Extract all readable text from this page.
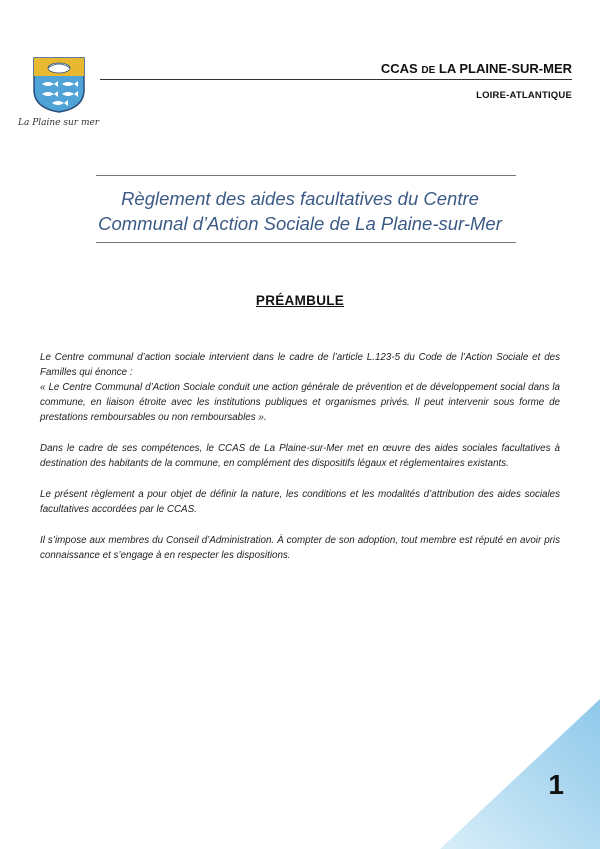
La Plaine sur mer
CCAS DE LA PLAINE-SUR-MER
LOIRE-ATLANTIQUE
Règlement des aides facultatives du Centre
Communal d’Action Sociale de La Plaine-sur-Mer
PRÉAMBULE

Le Centre communal d’action sociale intervient dans le cadre de l’article L.123-5 du Code de l’Action Sociale et des Familles qui énonce :

« Le Centre Communal d’Action Sociale conduit une action générale de prévention et de développement social dans la commune, en liaison étroite avec les institutions publiques et organismes privés. Il peut intervenir sous forme de prestations remboursables ou non remboursables ».

Dans le cadre de ses compétences, le CCAS de La Plaine-sur-Mer met en œuvre des aides sociales facultatives à destination des habitants de la commune, en complément des dispositifs légaux et réglementaires existants.

Le présent règlement a pour objet de définir la nature, les conditions et les modalités d’attribution des aides sociales facultatives accordées par le CCAS.

Il s’impose aux membres du Conseil d’Administration. À compter de son adoption, tout membre est réputé en avoir pris connaissance et s’engage à en respecter les dispositions.

1
